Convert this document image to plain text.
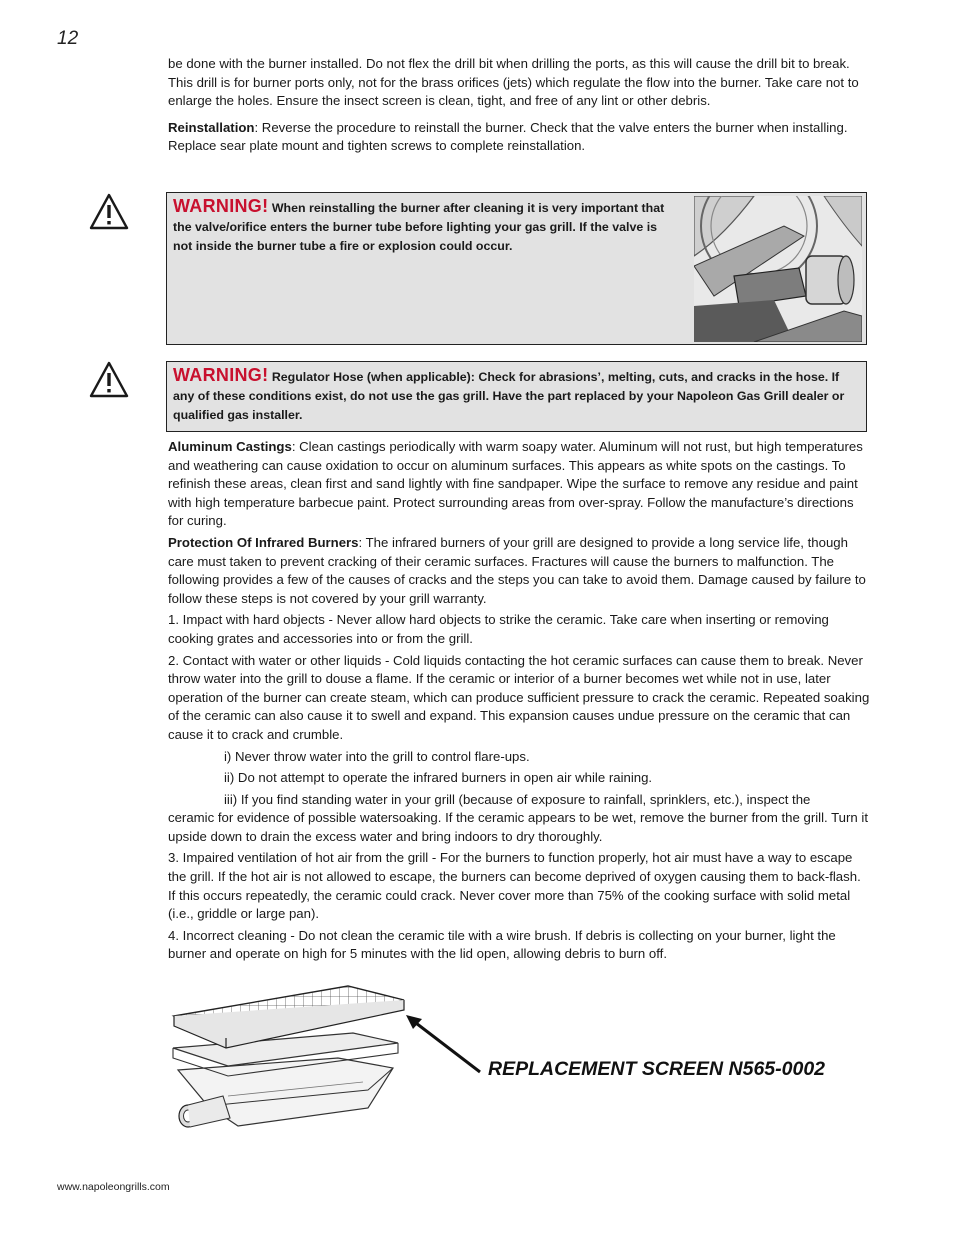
12

be done with the burner installed. Do not flex the drill bit when drilling the ports, as this will cause the drill bit to break. This drill is for burner ports only, not for the brass orifices (jets) which regulate the flow into the burner. Take care not to enlarge the holes. Ensure the insect screen is clean, tight, and free of any lint or other debris.

Reinstallation: Reverse the procedure to reinstall the burner. Check that the valve enters the burner when installing. Replace sear plate mount and tighten screws to complete reinstallation.

WARNING! When reinstalling the burner after cleaning it is very important that the valve/orifice enters the burner tube before lighting your gas grill. If the valve is not inside the burner tube a fire or explosion could occur.
WARNING! Regulator Hose (when applicable): Check for abrasions’, melting, cuts, and cracks in the hose. If any of these conditions exist, do not use the gas grill. Have the part replaced by your Napoleon Gas Grill dealer or qualified gas installer.

Aluminum Castings: Clean castings periodically with warm soapy water. Aluminum will not rust, but high temperatures and weathering can cause oxidation to occur on aluminum surfaces. This appears as white spots on the castings. To refinish these areas, clean first and sand lightly with fine sandpaper. Wipe the surface to remove any residue and paint with high temperature barbecue paint. Protect surrounding areas from over-spray. Follow the manufacture’s directions for curing.

Protection Of Infrared Burners: The infrared burners of your grill are designed to provide a long service life, though care must taken to prevent cracking of their ceramic surfaces. Fractures will cause the burners to malfunction. The following provides a few of the causes of cracks and the steps you can take to avoid them. Damage caused by failure to follow these steps is not covered by your grill warranty.

1. Impact with hard objects - Never allow hard objects to strike the ceramic. Take care when inserting or removing cooking grates and accessories into or from the grill.

2. Contact with water or other liquids - Cold liquids contacting the hot ceramic surfaces can cause them to break. Never throw water into the grill to douse a flame. If the ceramic or interior of a burner becomes wet while not in use, later operation of the burner can create steam, which can produce sufficient pressure to crack the ceramic. Repeated soaking of the ceramic can also cause it to swell and expand. This expansion causes undue pressure on the ceramic that can cause it to crack and crumble.

i) Never throw water into the grill to control flare-ups.

ii) Do not attempt to operate the infrared burners in open air while raining.

iii) If you find standing water in your grill (because of exposure to rainfall, sprinklers, etc.), inspect the

ceramic for evidence of possible watersoaking. If the ceramic appears to be wet, remove the burner from the grill. Turn it upside down to drain the excess water and bring indoors to dry thoroughly.

3. Impaired ventilation of hot air from the grill - For the burners to function properly, hot air must have a way to escape the grill. If the hot air is not allowed to escape, the burners can become deprived of oxygen causing them to back-flash. If this occurs repeatedly, the ceramic could crack. Never cover more than 75% of the cooking surface with solid metal (i.e., griddle or large pan).

4. Incorrect cleaning - Do not clean the ceramic tile with a wire brush. If debris is collecting on your burner, light the burner and operate on high for 5 minutes with the lid open, allowing debris to burn off.

REPLACEMENT SCREEN N565-0002
www.napoleongrills.com
